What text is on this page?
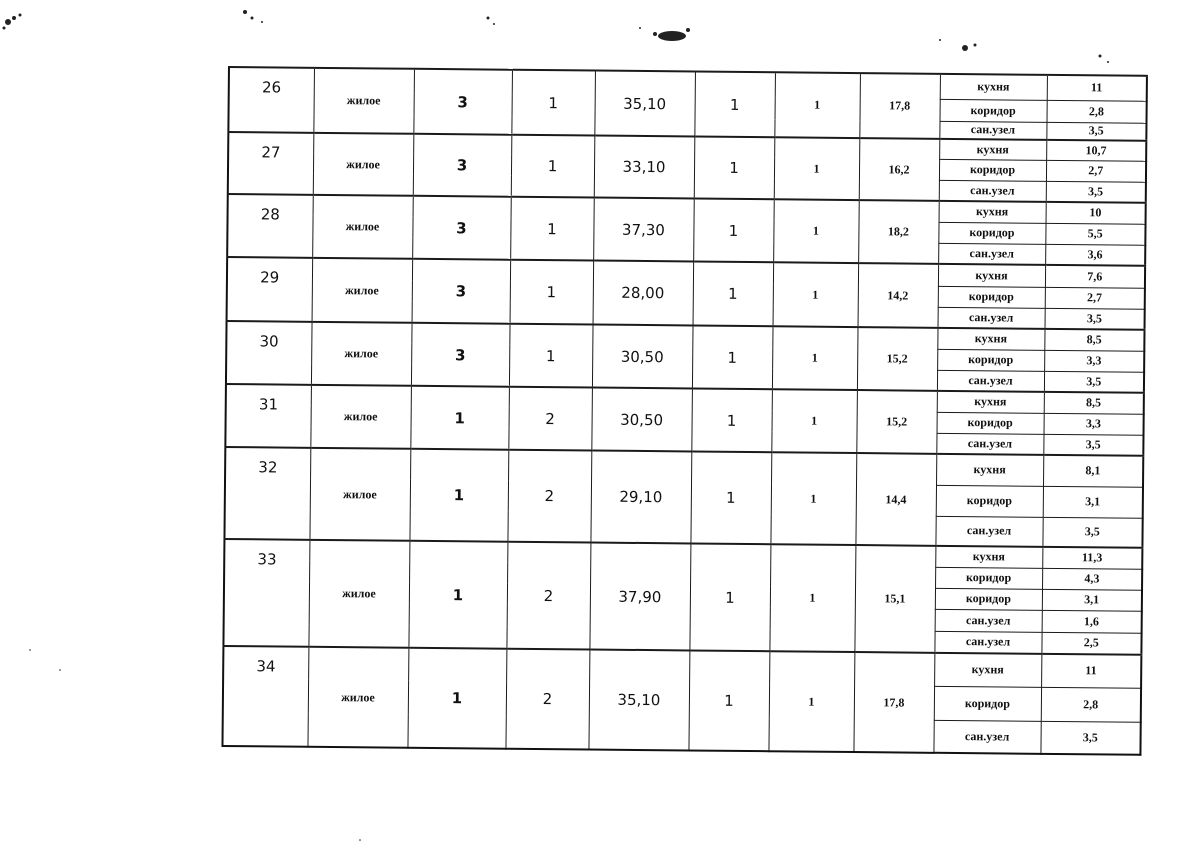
26	жилое	3	1	35,10	1	1	17,8	кухня	11
								коридор	2,8
								сан.узел	3,5
27	жилое	3	1	33,10	1	1	16,2	кухня	10,7
								коридор	2,7
								сан.узел	3,5
28	жилое	3	1	37,30	1	1	18,2	кухня	10
								коридор	5,5
								сан.узел	3,6
29	жилое	3	1	28,00	1	1	14,2	кухня	7,6
								коридор	2,7
								сан.узел	3,5
30	жилое	3	1	30,50	1	1	15,2	кухня	8,5
								коридор	3,3
								сан.узел	3,5
31	жилое	1	2	30,50	1	1	15,2	кухня	8,5
								коридор	3,3
								сан.узел	3,5
32	жилое	1	2	29,10	1	1	14,4	кухня	8,1
								коридор	3,1
								сан.узел	3,5
33	жилое	1	2	37,90	1	1	15,1	кухня	11,3
								коридор	4,3
								коридор	3,1
								сан.узел	1,6
								сан.узел	2,5
34	жилое	1	2	35,10	1	1	17,8	кухня	11
								коридор	2,8
								сан.узел	3,5
